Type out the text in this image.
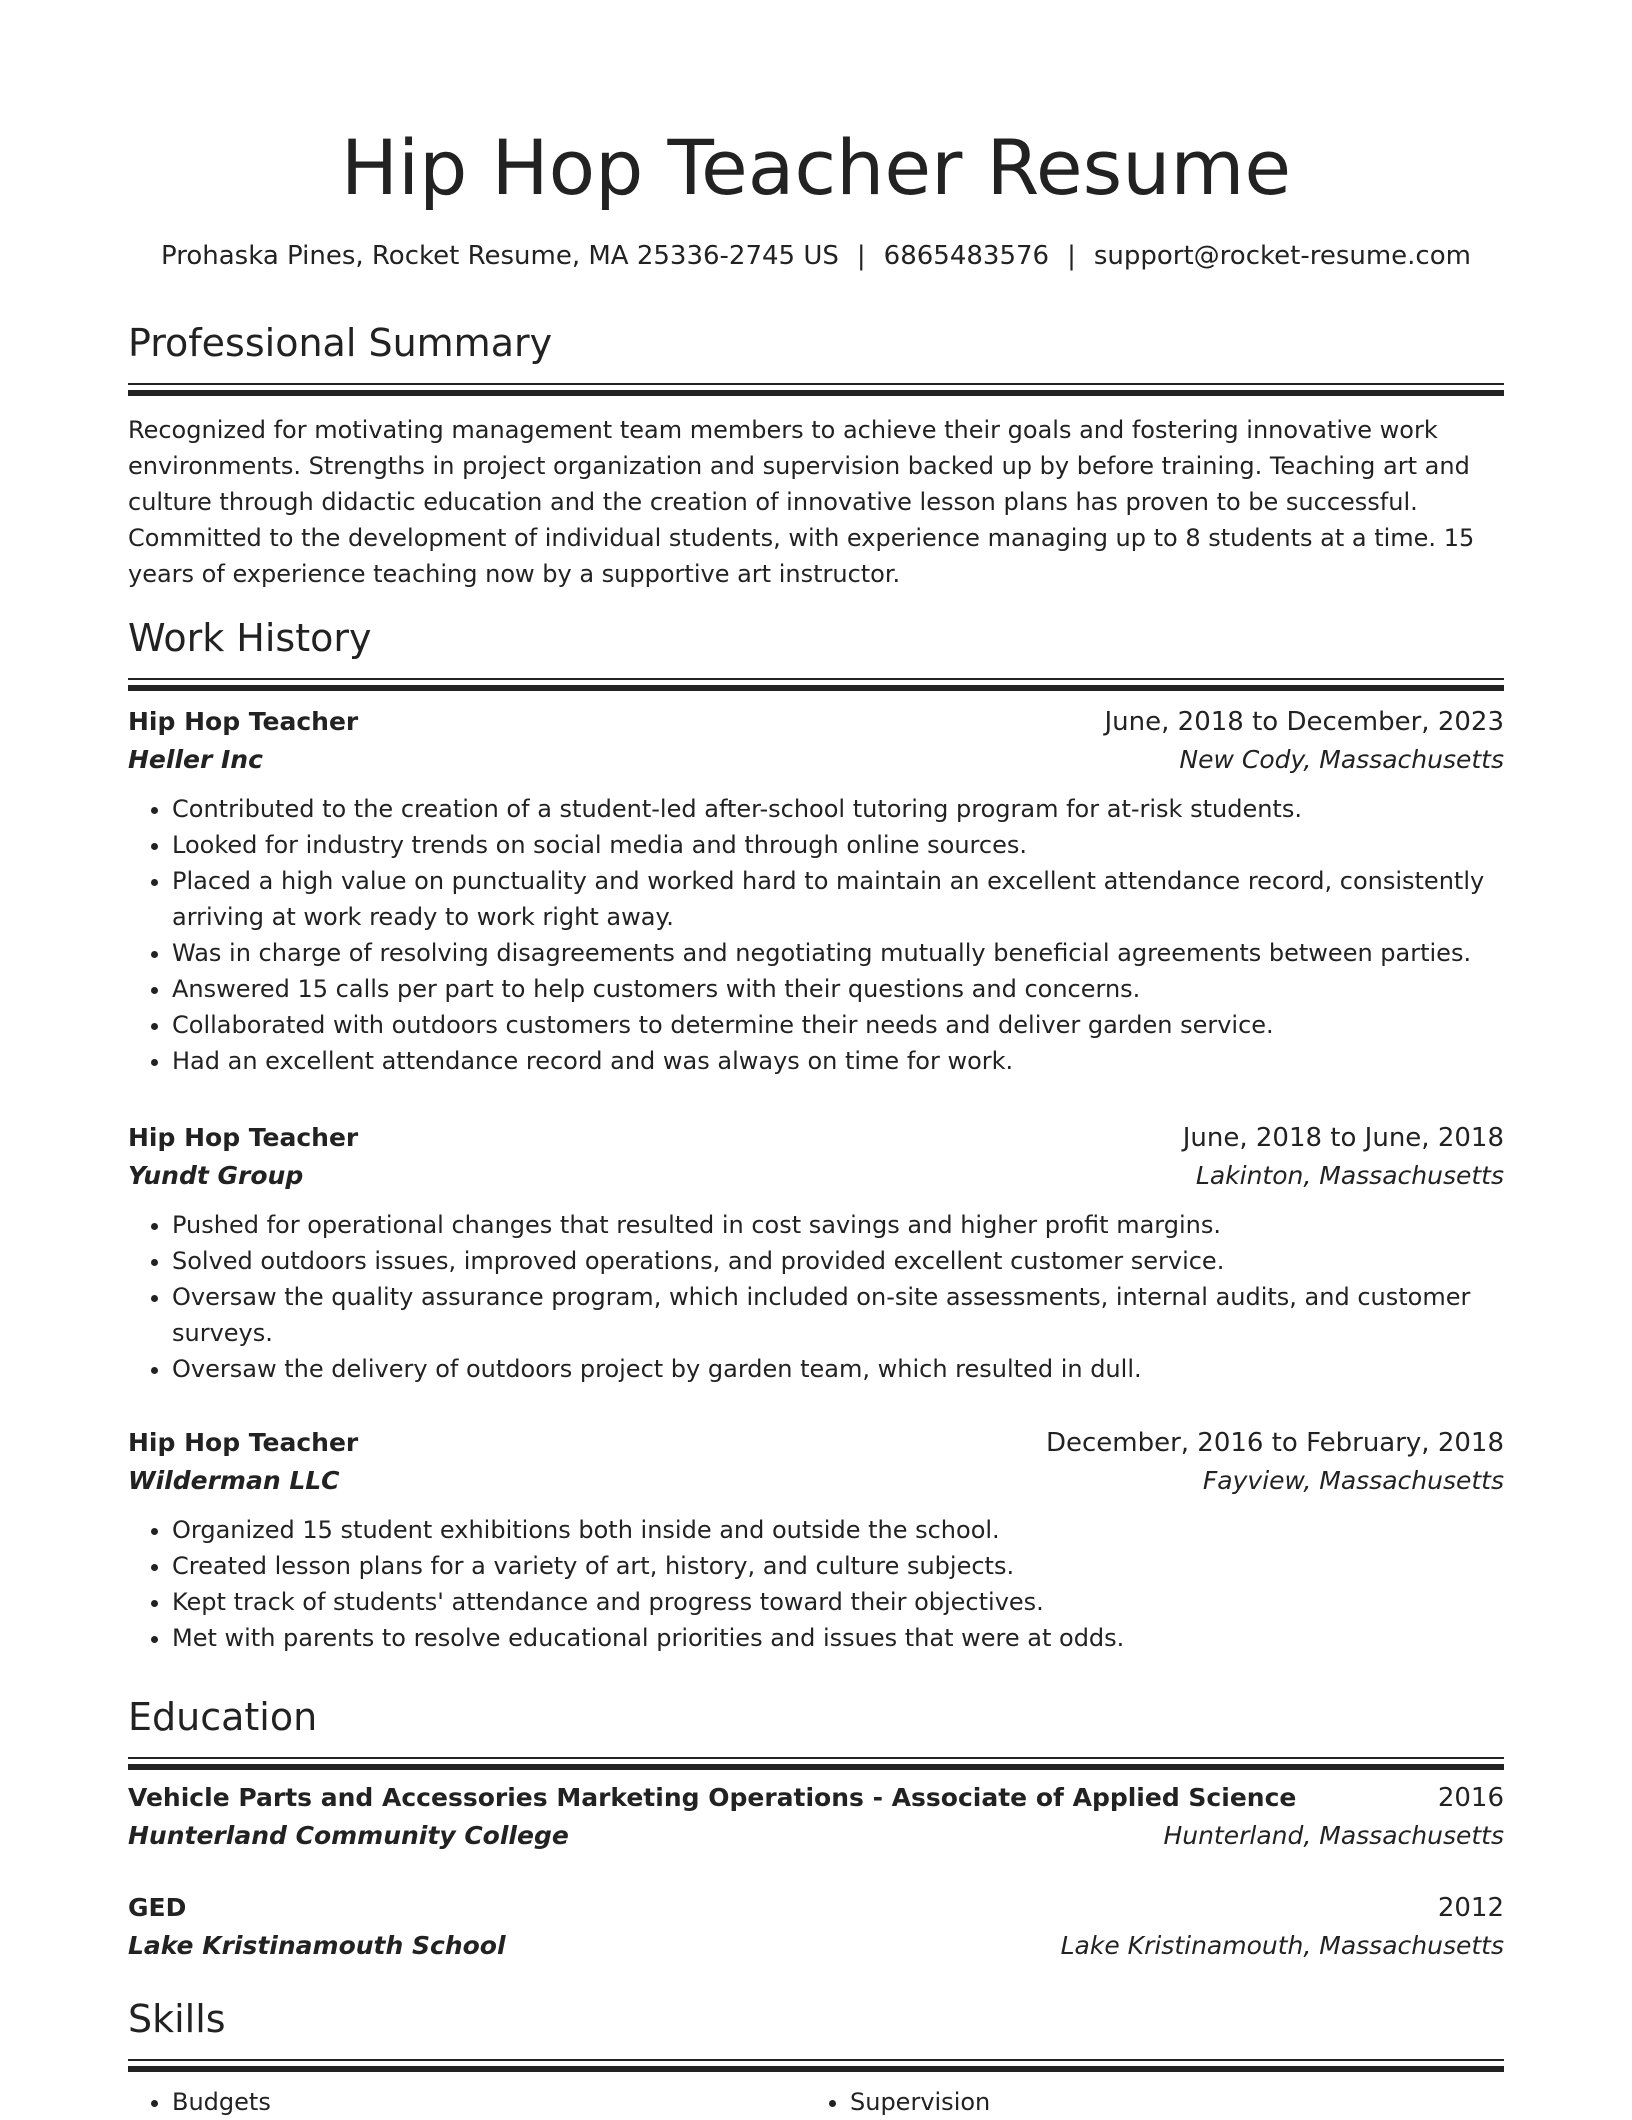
Hip Hop Teacher Resume
Prohaska Pines, Rocket Resume, MA 25336-2745 US | 6865483576 | support@rocket-resume.com
Professional Summary

Recognized for motivating management team members to achieve their goals and fostering innovative work environments. Strengths in project organization and supervision backed up by before training. Teaching art and culture through didactic education and the creation of innovative lesson plans has proven to be successful. Committed to the development of individual students, with experience managing up to 8 students at a time. 15 years of experience teaching now by a supportive art instructor.

Work History
Hip Hop Teacher	June, 2018 to December, 2023
Heller Inc	New Cody, Massachusetts
• Contributed to the creation of a student-led after-school tutoring program for at-risk students.
• Looked for industry trends on social media and through online sources.
• Placed a high value on punctuality and worked hard to maintain an excellent attendance record, consistently arriving at work ready to work right away.
• Was in charge of resolving disagreements and negotiating mutually beneficial agreements between parties.
• Answered 15 calls per part to help customers with their questions and concerns.
• Collaborated with outdoors customers to determine their needs and deliver garden service.
• Had an excellent attendance record and was always on time for work.
Hip Hop Teacher	June, 2018 to June, 2018
Yundt Group	Lakinton, Massachusetts
• Pushed for operational changes that resulted in cost savings and higher profit margins.
• Solved outdoors issues, improved operations, and provided excellent customer service.
• Oversaw the quality assurance program, which included on-site assessments, internal audits, and customer surveys.
• Oversaw the delivery of outdoors project by garden team, which resulted in dull.
Hip Hop Teacher	December, 2016 to February, 2018
Wilderman LLC	Fayview, Massachusetts
• Organized 15 student exhibitions both inside and outside the school.
• Created lesson plans for a variety of art, history, and culture subjects.
• Kept track of students' attendance and progress toward their objectives.
• Met with parents to resolve educational priorities and issues that were at odds.
Education
Vehicle Parts and Accessories Marketing Operations - Associate of Applied Science	2016
Hunterland Community College	Hunterland, Massachusetts
GED	2012
Lake Kristinamouth School	Lake Kristinamouth, Massachusetts
Skills
• Budgets
•	Supervision
